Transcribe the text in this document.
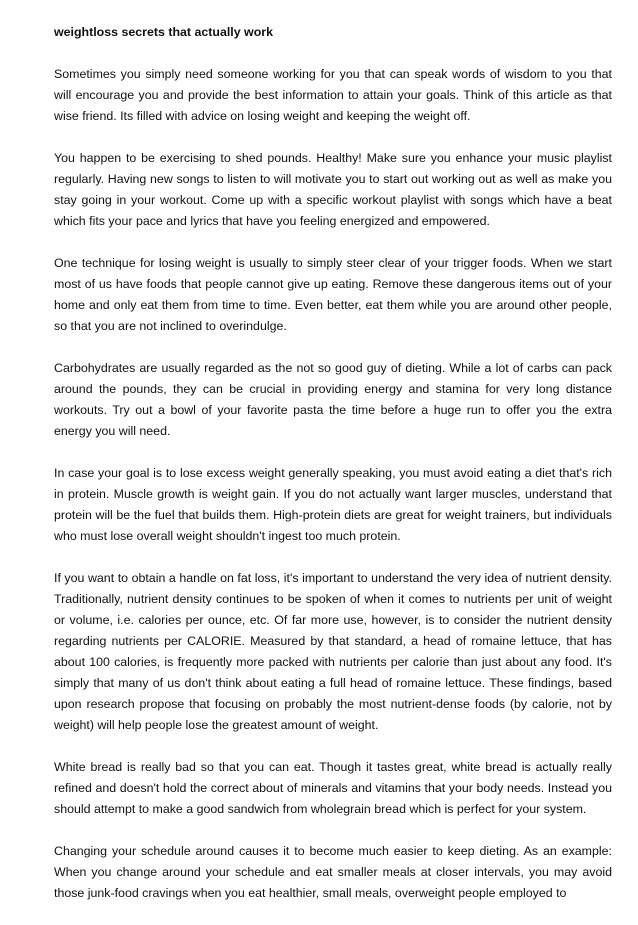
weightloss secrets that actually work

Sometimes you simply need someone working for you that can speak words of wisdom to you that will encourage you and provide the best information to attain your goals. Think of this article as that wise friend. Its filled with advice on losing weight and keeping the weight off.

You happen to be exercising to shed pounds. Healthy! Make sure you enhance your music playlist regularly. Having new songs to listen to will motivate you to start out working out as well as make you stay going in your workout. Come up with a specific workout playlist with songs which have a beat which fits your pace and lyrics that have you feeling energized and empowered.

One technique for losing weight is usually to simply steer clear of your trigger foods. When we start most of us have foods that people cannot give up eating. Remove these dangerous items out of your home and only eat them from time to time. Even better, eat them while you are around other people, so that you are not inclined to overindulge.

Carbohydrates are usually regarded as the not so good guy of dieting. While a lot of carbs can pack around the pounds, they can be crucial in providing energy and stamina for very long distance workouts. Try out a bowl of your favorite pasta the time before a huge run to offer you the extra energy you will need.

In case your goal is to lose excess weight generally speaking, you must avoid eating a diet that's rich in protein. Muscle growth is weight gain. If you do not actually want larger muscles, understand that protein will be the fuel that builds them. High-protein diets are great for weight trainers, but individuals who must lose overall weight shouldn't ingest too much protein.

If you want to obtain a handle on fat loss, it's important to understand the very idea of nutrient density. Traditionally, nutrient density continues to be spoken of when it comes to nutrients per unit of weight or volume, i.e. calories per ounce, etc. Of far more use, however, is to consider the nutrient density regarding nutrients per CALORIE. Measured by that standard, a head of romaine lettuce, that has about 100 calories, is frequently more packed with nutrients per calorie than just about any food. It's simply that many of us don't think about eating a full head of romaine lettuce. These findings, based upon research propose that focusing on probably the most nutrient-dense foods (by calorie, not by weight) will help people lose the greatest amount of weight.

White bread is really bad so that you can eat. Though it tastes great, white bread is actually really refined and doesn't hold the correct about of minerals and vitamins that your body needs. Instead you should attempt to make a good sandwich from wholegrain bread which is perfect for your system.

Changing your schedule around causes it to become much easier to keep dieting. As an example: When you change around your schedule and eat smaller meals at closer intervals, you may avoid those junk-food cravings when you eat healthier, small meals, overweight people employed to
